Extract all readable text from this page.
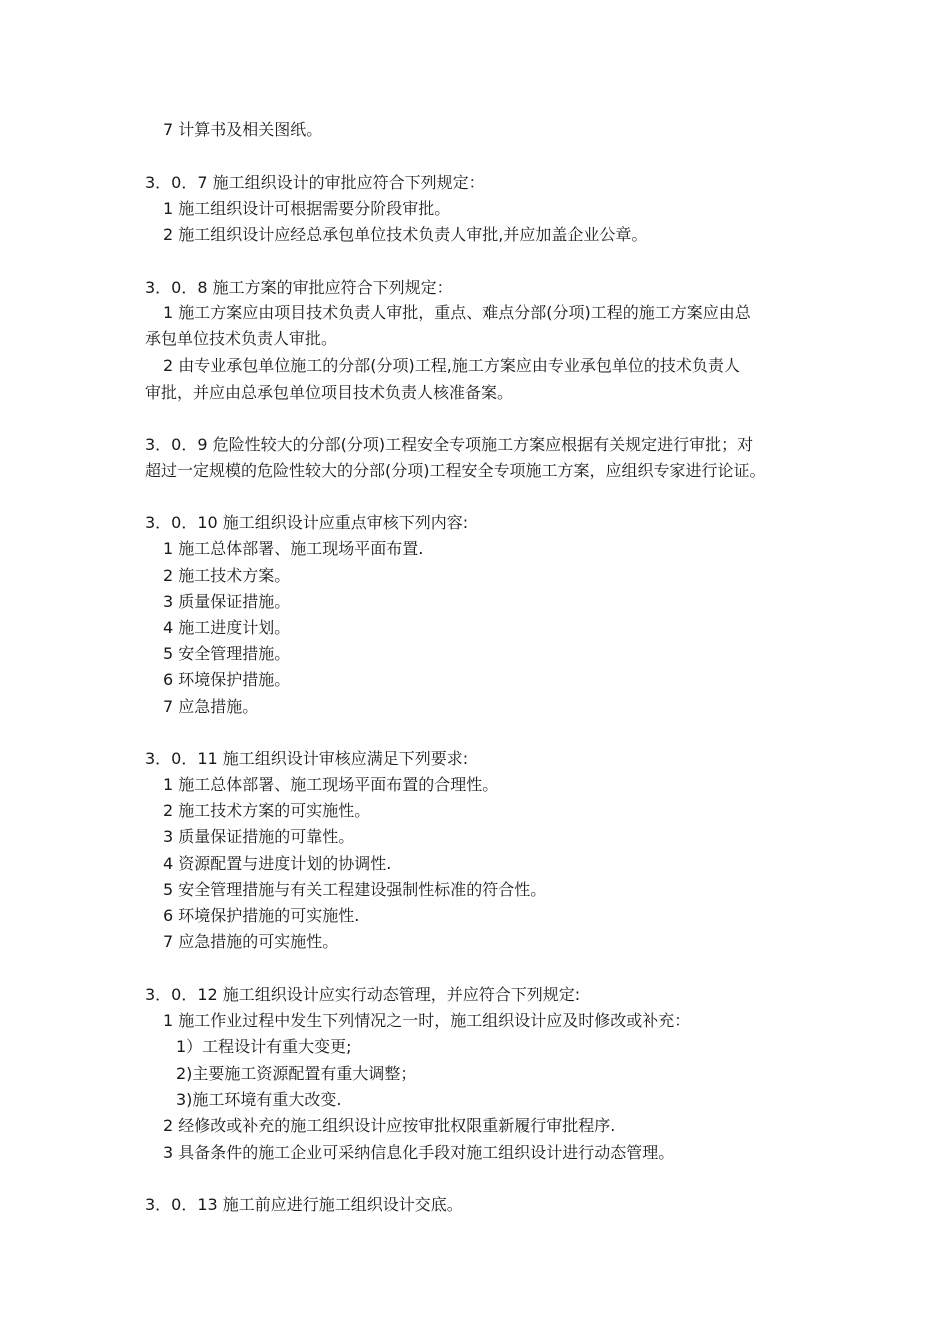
7 计算书及相关图纸。
3．0．7 施工组织设计的审批应符合下列规定：
1 施工组织设计可根据需要分阶段审批。
2 施工组织设计应经总承包单位技术负责人审批,并应加盖企业公章。
3．0．8 施工方案的审批应符合下列规定：
1 施工方案应由项目技术负责人审批，重点、难点分部(分项)工程的施工方案应由总
承包单位技术负责人审批。
2 由专业承包单位施工的分部(分项)工程,施工方案应由专业承包单位的技术负责人
审批，并应由总承包单位项目技术负责人核准备案。
3．0．9 危险性较大的分部(分项)工程安全专项施工方案应根据有关规定进行审批；对
超过一定规模的危险性较大的分部(分项)工程安全专项施工方案，应组织专家进行论证。
3．0．10 施工组织设计应重点审核下列内容:
1 施工总体部署、施工现场平面布置.
2 施工技术方案。
3 质量保证措施。
4 施工进度计划。
5 安全管理措施。
6 环境保护措施。
7 应急措施。
3．0．11 施工组织设计审核应满足下列要求:
1 施工总体部署、施工现场平面布置的合理性。
2 施工技术方案的可实施性。
3 质量保证措施的可靠性。
4 资源配置与进度计划的协调性.
5 安全管理措施与有关工程建设强制性标准的符合性。
6 环境保护措施的可实施性.
7 应急措施的可实施性。
3．0．12 施工组织设计应实行动态管理，并应符合下列规定:
1 施工作业过程中发生下列情况之一时，施工组织设计应及时修改或补充：
1）工程设计有重大变更;
2)主要施工资源配置有重大调整；
3)施工环境有重大改变.
2 经修改或补充的施工组织设计应按审批权限重新履行审批程序.
3 具备条件的施工企业可采纳信息化手段对施工组织设计进行动态管理。
3．0．13 施工前应进行施工组织设计交底。
